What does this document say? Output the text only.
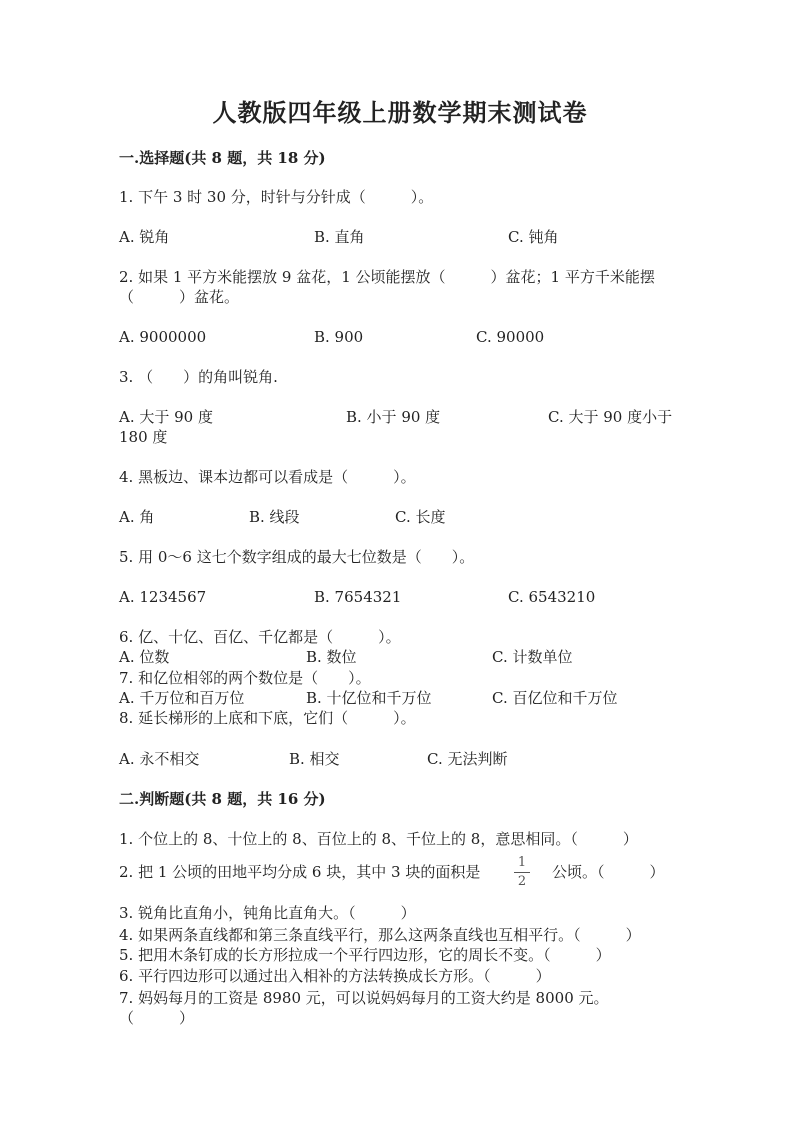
人教版四年级上册数学期末测试卷
一.选择题(共 8 题，共 18 分)
1. 下午 3 时 30 分，时针与分针成（　　　）。
A. 锐角	B. 直角	C. 钝角
2. 如果 1 平方米能摆放 9 盆花，1 公顷能摆放（　　　）盆花；1 平方千米能摆
（　　　）盆花。
A. 9000000	B. 900	C. 90000
3. （　　）的角叫锐角.
A. 大于 90 度	B. 小于 90 度	C. 大于 90 度小于
180 度
4. 黑板边、课本边都可以看成是（　　　）。
A. 角	B. 线段	C. 长度
5. 用 0～6 这七个数字组成的最大七位数是（　　）。
A. 1234567	B. 7654321	C. 6543210
6. 亿、十亿、百亿、千亿都是（　　　）。
A. 位数	B. 数位	C. 计数单位
7. 和亿位相邻的两个数位是（　　）。
A. 千万位和百万位	B. 十亿位和千万位	C. 百亿位和千万位
8. 延长梯形的上底和下底，它们（　　　）。
A. 永不相交	B. 相交	C. 无法判断
二.判断题(共 8 题，共 16 分)
1. 个位上的 8、十位上的 8、百位上的 8、千位上的 8，意思相同。（　　　）
2. 把 1 公顷的田地平均分成 6 块，其中 3 块的面积是
1
2
公顷。（　　　）
3. 锐角比直角小，钝角比直角大。（　　　）
4. 如果两条直线都和第三条直线平行，那么这两条直线也互相平行。（　　　）
5. 把用木条钉成的长方形拉成一个平行四边形，它的周长不变。（　　　）
6. 平行四边形可以通过出入相补的方法转换成长方形。（　　　）
7. 妈妈每月的工资是 8980 元，可以说妈妈每月的工资大约是 8000 元。
（　　　）
